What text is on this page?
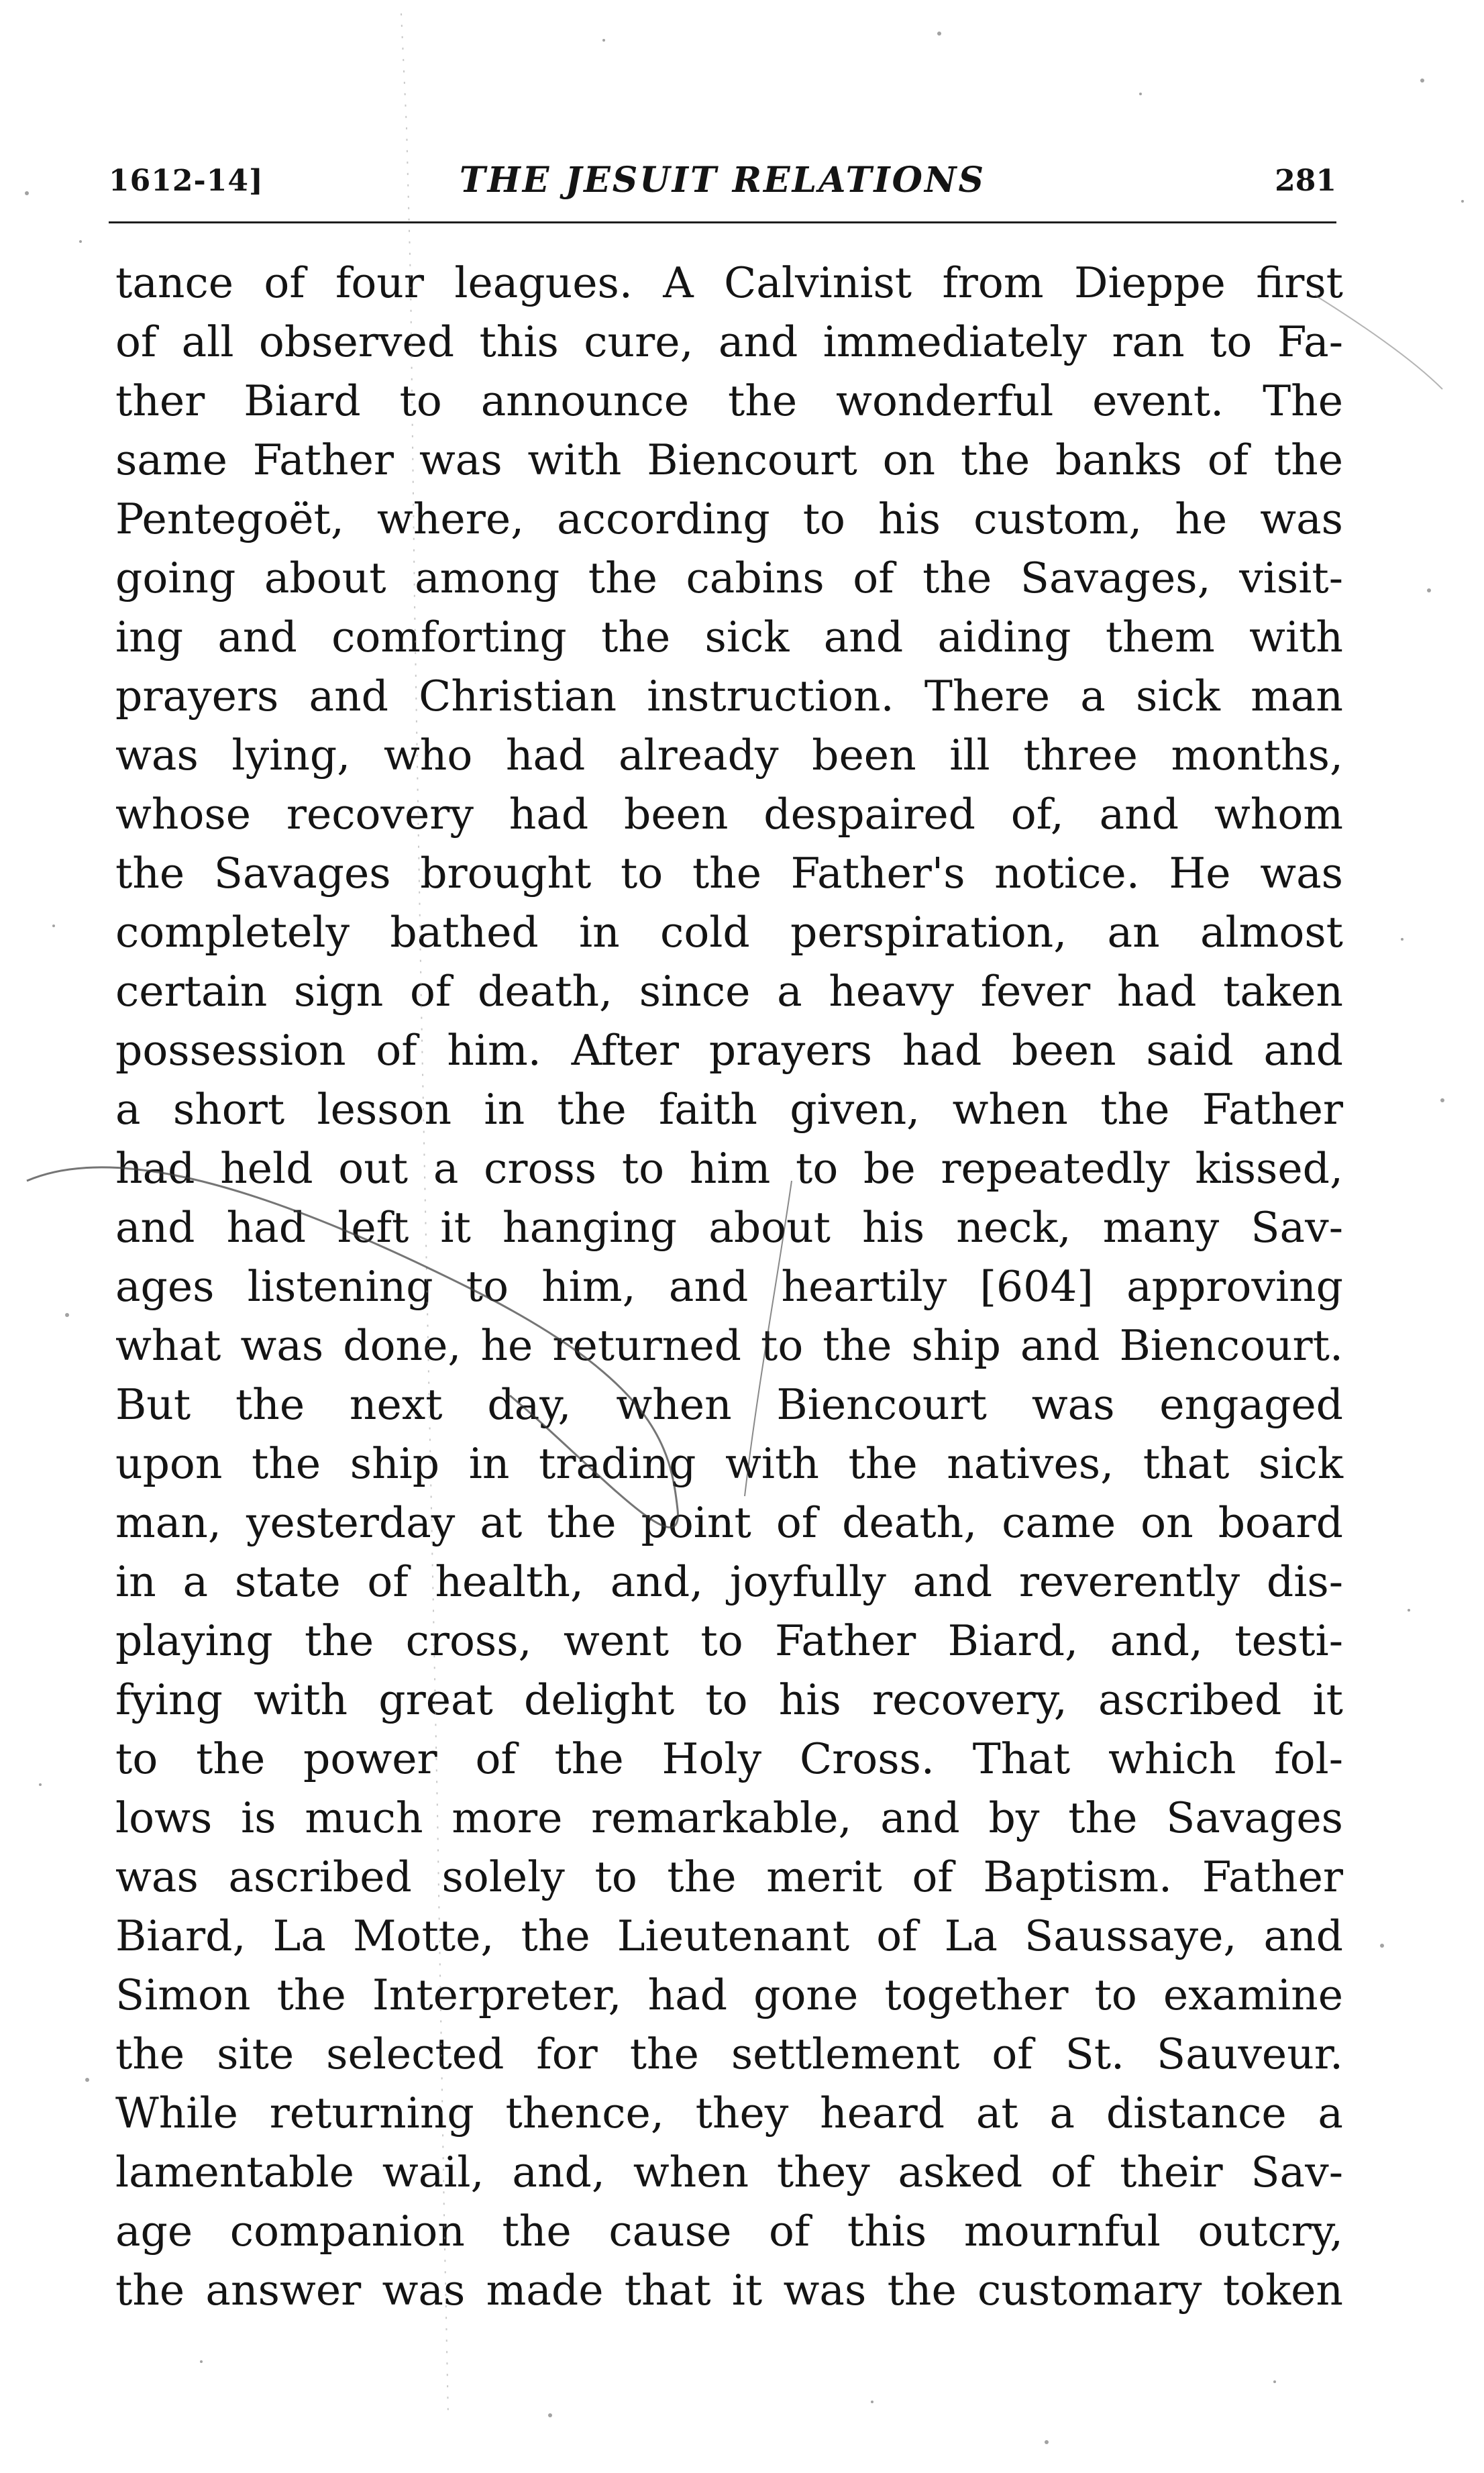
1612-14]	THE JESUIT RELATIONS	281
tance of four leagues. A Calvinist from Dieppe first
of all observed this cure, and immediately ran to Fa-
ther Biard to announce the wonderful event. The
same Father was with Biencourt on the banks of the
Pentegoët, where, according to his custom, he was
going about among the cabins of the Savages, visit-
ing and comforting the sick and aiding them with
prayers and Christian instruction. There a sick man
was lying, who had already been ill three months,
whose recovery had been despaired of, and whom
the Savages brought to the Father's notice. He was
completely bathed in cold perspiration, an almost
certain sign of death, since a heavy fever had taken
possession of him. After prayers had been said and
a short lesson in the faith given, when the Father
had held out a cross to him to be repeatedly kissed,
and had left it hanging about his neck, many Sav-
ages listening to him, and heartily [604] approving
what was done, he returned to the ship and Biencourt.
But the next day, when Biencourt was engaged
upon the ship in trading with the natives, that sick
man, yesterday at the point of death, came on board
in a state of health, and, joyfully and reverently dis-
playing the cross, went to Father Biard, and, testi-
fying with great delight to his recovery, ascribed it
to the power of the Holy Cross. That which fol-
lows is much more remarkable, and by the Savages
was ascribed solely to the merit of Baptism. Father
Biard, La Motte, the Lieutenant of La Saussaye, and
Simon the Interpreter, had gone together to examine
the site selected for the settlement of St. Sauveur.
While returning thence, they heard at a distance a
lamentable wail, and, when they asked of their Sav-
age companion the cause of this mournful outcry,
the answer was made that it was the customary token
